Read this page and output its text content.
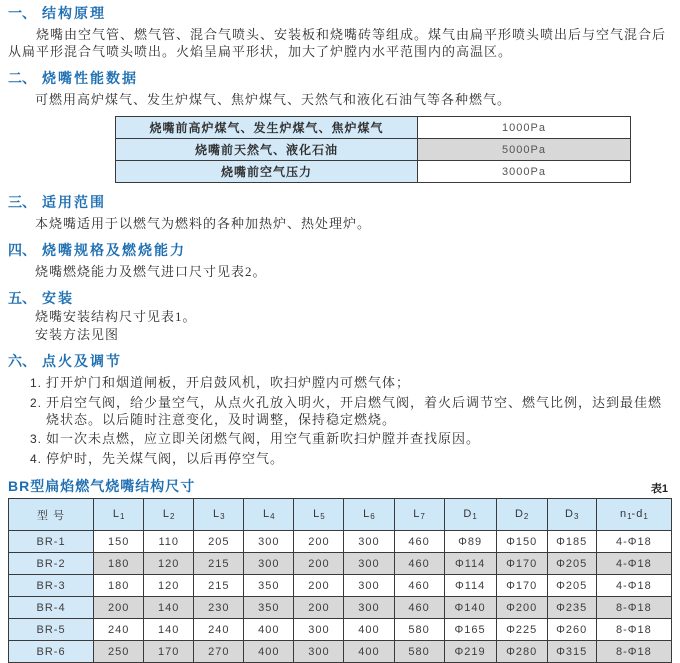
一、 结构原理

烧嘴由空气管、燃气管、混合气喷头、安装板和烧嘴砖等组成。煤气由扁平形喷头喷出后与空气混合后从扁平形混合气喷头喷出。火焰呈扁平形状，加大了炉膛内水平范围内的高温区。

二、 烧嘴性能数据

可燃用高炉煤气、发生炉煤气、焦炉煤气、天然气和液化石油气等各种燃气。

烧嘴前高炉煤气、发生炉煤气、焦炉煤气	1000Pa
烧嘴前天然气、液化石油	5000Pa
烧嘴前空气压力	3000Pa
三、 适用范围

本烧嘴适用于以燃气为燃料的各种加热炉、热处理炉。

四、 烧嘴规格及燃烧能力

烧嘴燃烧能力及燃气进口尺寸见表2。

五、 安装
烧嘴安装结构尺寸见表1。
安装方法见图
六、 点火及调节
1. 打开炉门和烟道闸板，开启鼓风机，吹扫炉膛内可燃气体；
2. 开启空气阀，给少量空气，从点火孔放入明火，开启燃气阀，着火后调节空、燃气比例，达到最佳燃烧状态。以后随时注意变化，及时调整，保持稳定燃烧。
3. 如一次未点燃，应立即关闭燃气阀，用空气重新吹扫炉膛并查找原因。
4. 停炉时，先关煤气阀，以后再停空气。
BR型扁焰燃气烧嘴结构尺寸	表1
型 号	$L_1$	$L_2$	$L_3$	$L_4$	$L_5$	$L_6$	$L_7$	$D_1$	$D_2$	$D_3$	$n_1-d_1$
BR-1	150	110	205	300	200	300	460	Φ89	Φ150	Φ185	4-Φ18
BR-2	180	120	215	300	200	300	460	Φ114	Φ170	Φ205	4-Φ18
BR-3	180	120	215	350	200	300	460	Φ114	Φ170	Φ205	4-Φ18
BR-4	200	140	230	350	200	300	460	Φ140	Φ200	Φ235	8-Φ18
BR-5	240	140	240	400	300	400	580	Φ165	Φ225	Φ260	8-Φ18
BR-6	250	170	270	400	300	400	580	Φ219	Φ280	Φ315	8-Φ18
